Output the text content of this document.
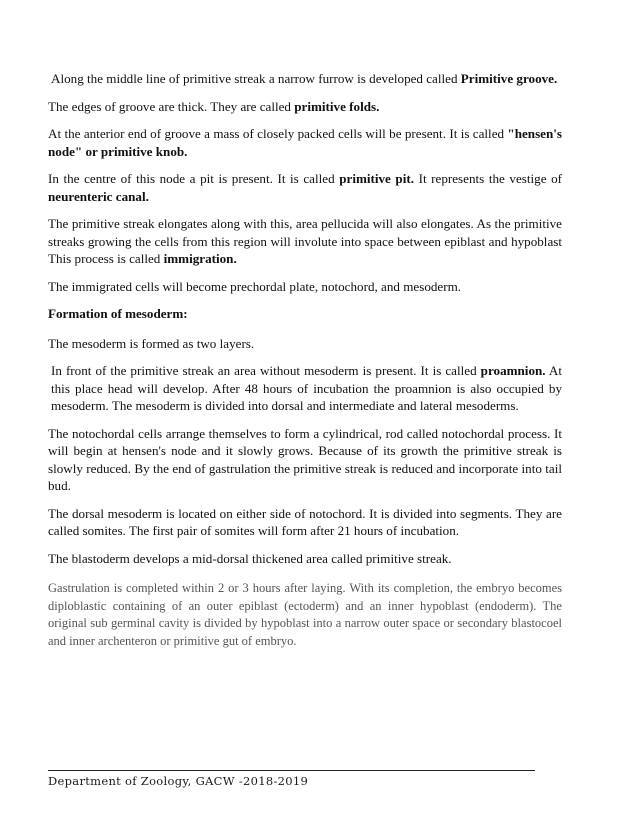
Along the middle line of primitive streak a narrow furrow is developed called Primitive groove.

The edges of groove are thick. They are called primitive folds.

At the anterior end of groove a mass of closely packed cells will be present. It is called "hensen's node" or primitive knob.

In the centre of this node a pit is present. It is called primitive pit. It represents the vestige of neurenteric canal.

The primitive streak elongates along with this, area pellucida will also elongates. As the primitive streaks growing the cells from this region will involute into space between epiblast and hypoblast This process is called immigration.

The immigrated cells will become prechordal plate, notochord, and mesoderm.

Formation of mesoderm:

The mesoderm is formed as two layers.

In front of the primitive streak an area without mesoderm is present. It is called proamnion. At this place head will develop. After 48 hours of incubation the proamnion is also occupied by mesoderm. The mesoderm is divided into dorsal and intermediate and lateral mesoderms.

The notochordal cells arrange themselves to form a cylindrical, rod called notochordal process. It will begin at hensen's node and it slowly grows. Because of its growth the primitive streak is slowly reduced. By the end of gastrulation the primitive streak is reduced and incorporate into tail bud.

The dorsal mesoderm is located on either side of notochord. It is divided into segments. They are called somites. The first pair of somites will form after 21 hours of incubation.

The blastoderm develops a mid-dorsal thickened area called primitive streak.

Gastrulation is completed within 2 or 3 hours after laying. With its completion, the embryo becomes diploblastic containing of an outer epiblast (ectoderm) and an inner hypoblast (endoderm). The original sub germinal cavity is divided by hypoblast into a narrow outer space or secondary blastocoel and inner archenteron or primitive gut of embryo.

Department of Zoology, GACW -2018-2019
